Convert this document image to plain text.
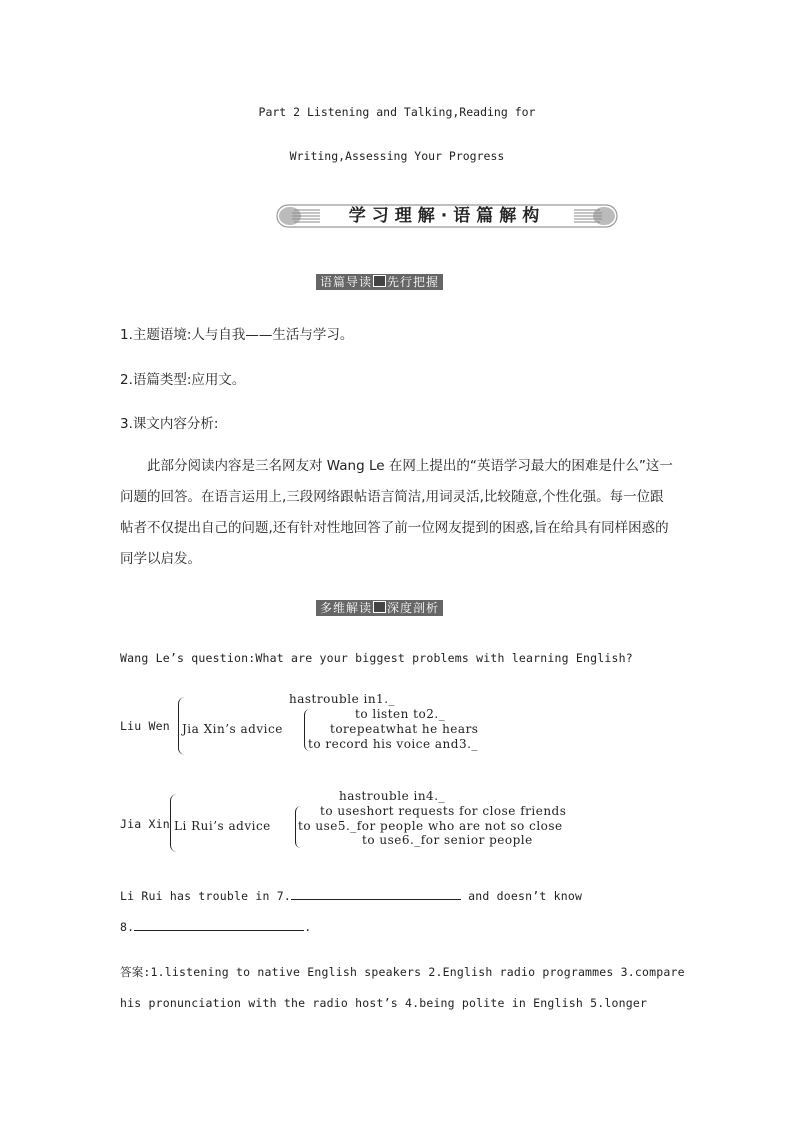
Part 2 Listening and Talking,Reading for
Writing,Assessing Your Progress
学习理解·语篇解构
语篇导读 先行把握
1.主题语境:人与自我——生活与学习。
2.语篇类型:应用文。
3.课文内容分析:
此部分阅读内容是三名网友对 Wang Le 在网上提出的“英语学习最大的困难是什么”这一问题的回答。在语言运用上,三段网络跟帖语言简洁,用词灵活,比较随意,个性化强。每一位跟帖者不仅提出自己的问题,还有针对性地回答了前一位网友提到的困惑,旨在给具有同样困惑的同学以启发。
多维解读 深度剖析
Wang Le’s question:What are your biggest problems with learning English?
Liu Wen
hastrouble in1._
Jia Xin’s advice
to listen to2._
torepeatwhat he hears
to record his voice and3._
Jia Xin
hastrouble in4._
Li Rui’s advice
to useshort requests for close friends
to use5._for people who are not so close
to use6._for senior people
Li Rui has trouble in 7.	and doesn’t know
8.	.
答案:1.listening to native English speakers 2.English radio programmes 3.compare
his pronunciation with the radio host’s 4.being polite in English 5.longer
